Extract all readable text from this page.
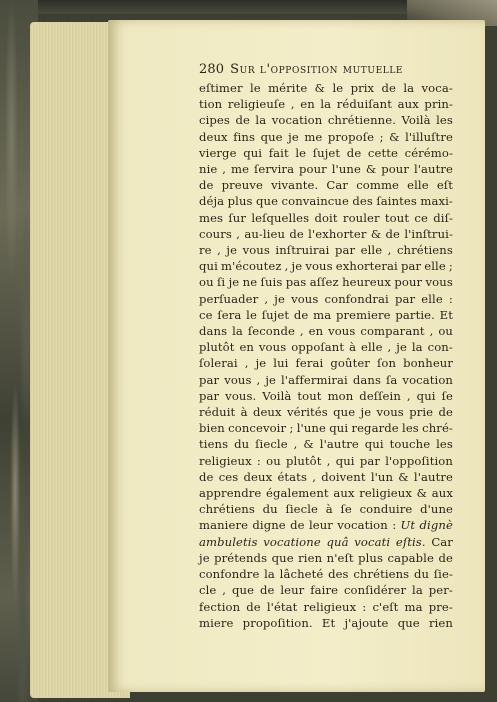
280 Sur l'opposition mutuelle
eſtimer le mérite & le prix de la voca-
tion religieuſe , en la réduiſant aux prin-
cipes de la vocation chrétienne. Voilà les
deux fins que je me propoſe ; & l'illuſtre
vierge qui fait le ſujet de cette cérémo-
nie , me ſervira pour l'une & pour l'autre
de preuve vivante. Car comme elle eſt
déja plus que convaincue des ſaintes maxi-
mes ſur leſquelles doit rouler tout ce diſ-
cours , au-lieu de l'exhorter & de l'inſtrui-
re , je vous inſtruirai par elle , chrétiens
qui m'écoutez , je vous exhorterai par elle ;
ou ſi je ne ſuis pas aſſez heureux pour vous
perſuader , je vous confondrai par elle :
ce ſera le ſujet de ma premiere partie. Et
dans la ſeconde , en vous comparant , ou
plutôt en vous oppoſant à elle , je la con-
ſolerai , je lui ferai goûter ſon bonheur
par vous , je l'affermirai dans ſa vocation
par vous. Voilà tout mon deſſein , qui ſe
réduit à deux vérités que je vous prie de
bien concevoir ; l'une qui regarde les chré-
tiens du ſiecle , & l'autre qui touche les
religieux : ou plutôt , qui par l'oppoſition
de ces deux états , doivent l'un & l'autre
apprendre également aux religieux & aux
chrétiens du ſiecle à ſe conduire d'une
maniere digne de leur vocation : Ut dignè
ambuletis vocatione quâ vocati eſtis. Car
je prétends que rien n'eſt plus capable de
confondre la lâcheté des chrétiens du ſie-
cle , que de leur faire conſidérer la per-
fection de l'état religieux : c'eſt ma pre-
miere propoſition. Et j'ajoute que rien
